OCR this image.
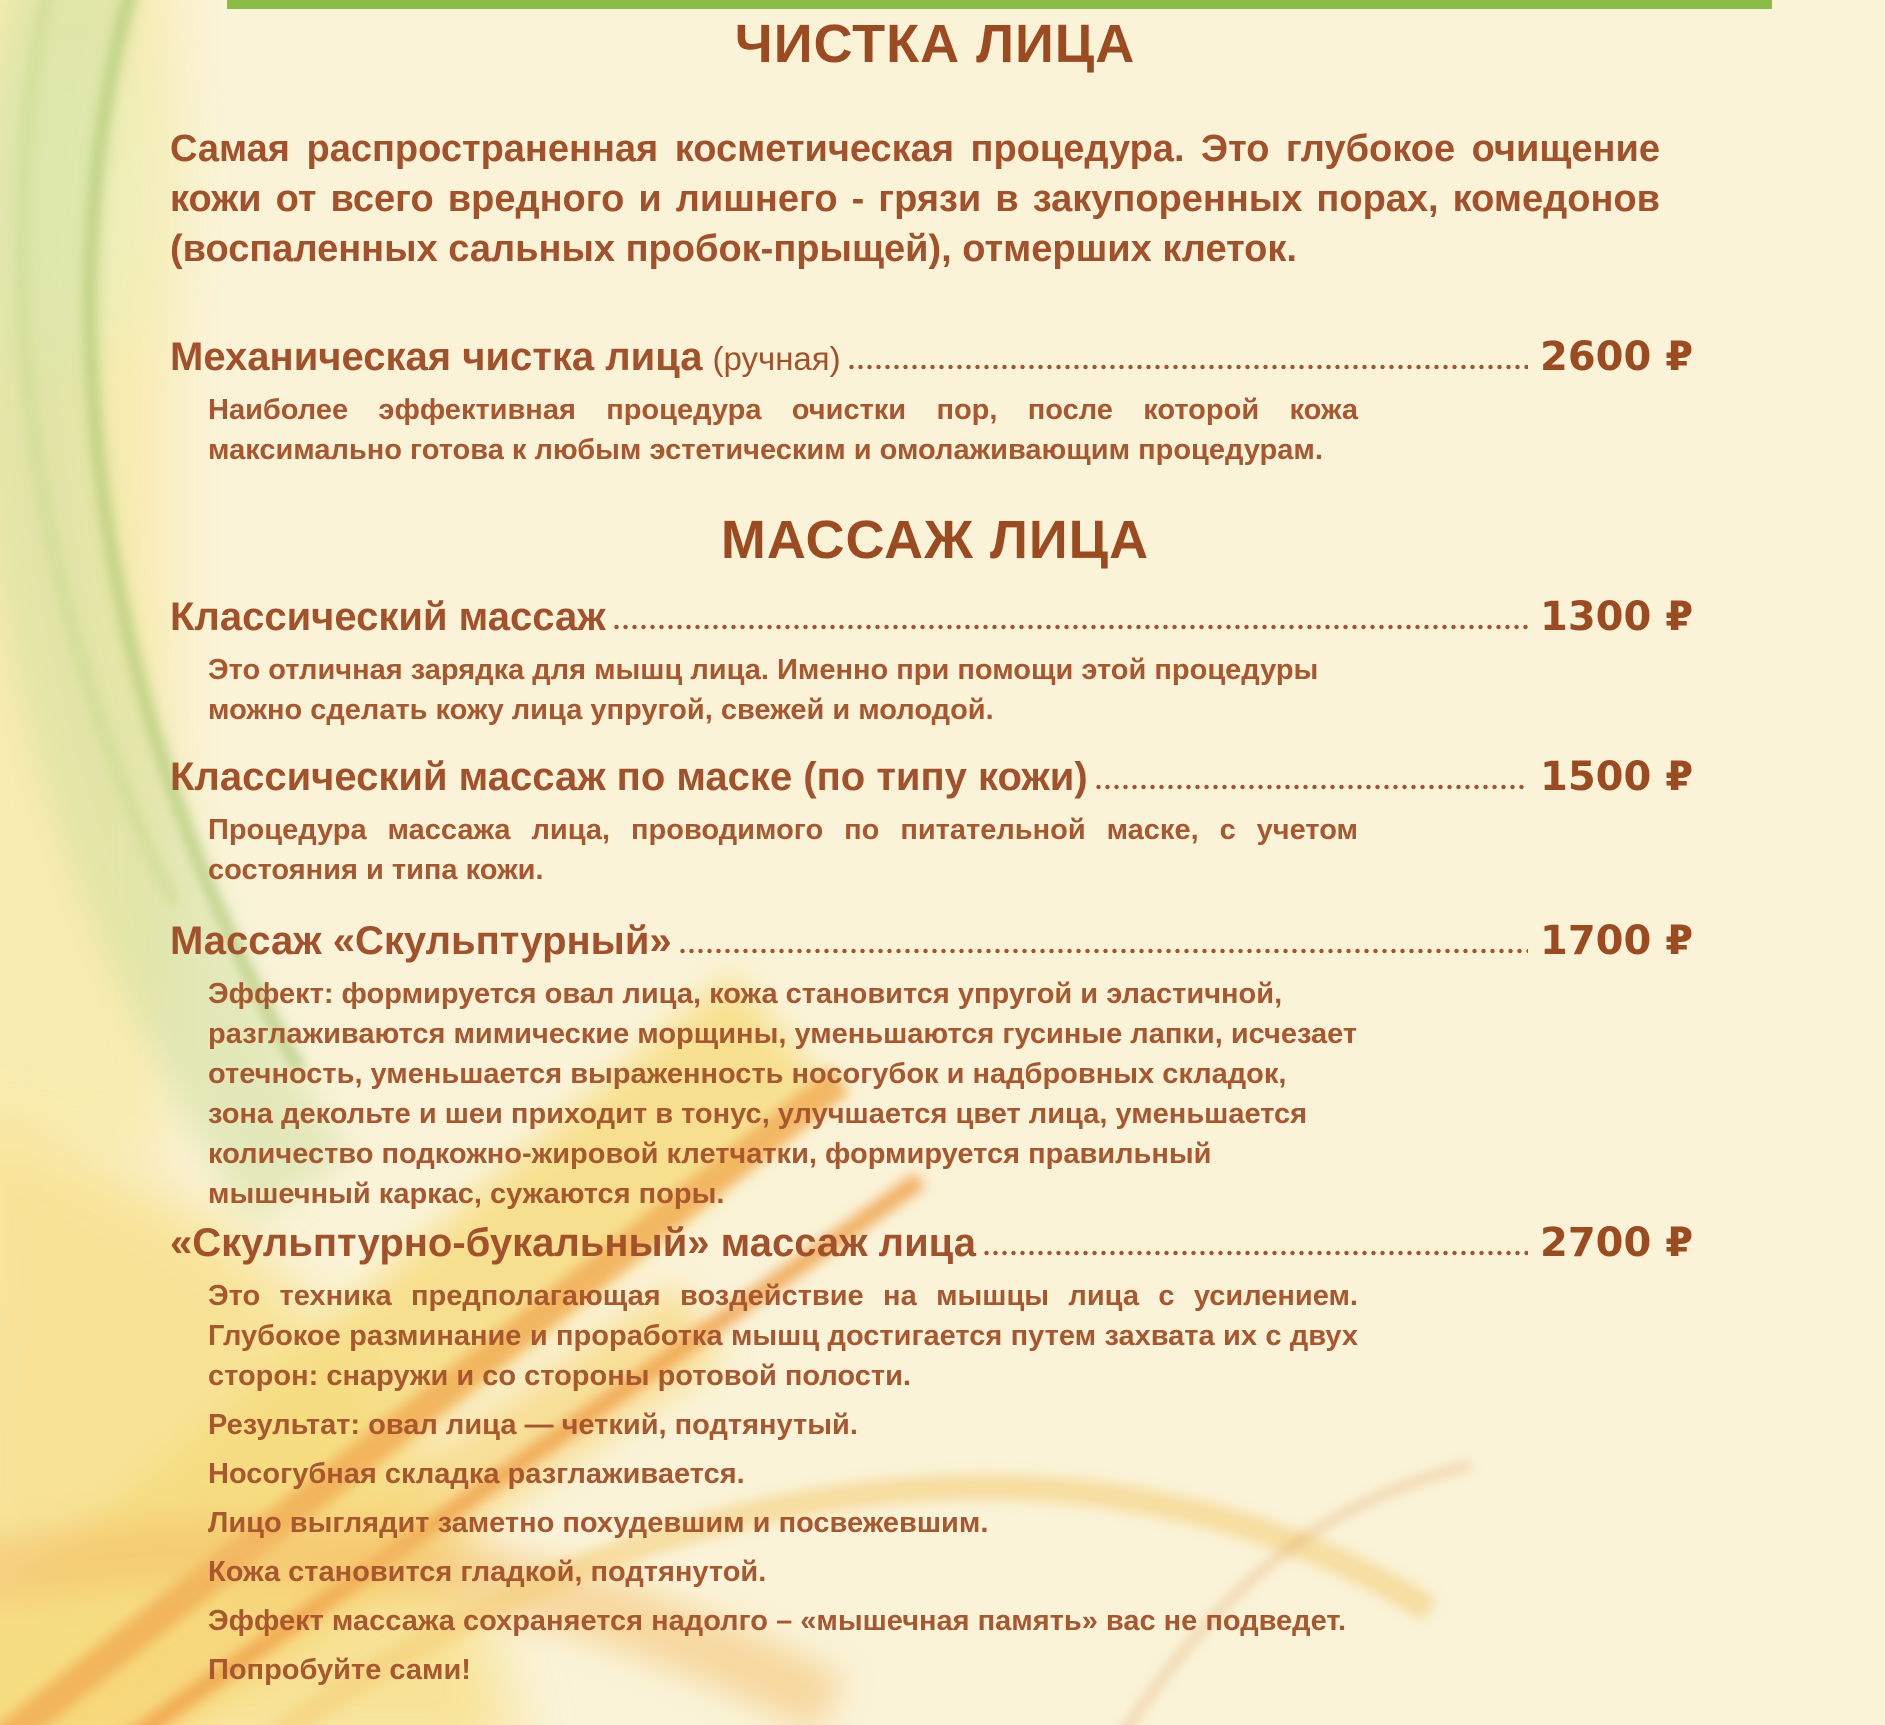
ЧИСТКА ЛИЦА

Самая распространенная косметическая процедура. Это глубокое очищение кожи от всего вредного и лишнего - грязи в закупоренных порах, комедонов (воспаленных сальных пробок-прыщей), отмерших клеток.

Механическая чистка лица (ручная)	2600 ₽

Наиболее эффективная процедура очистки пор, после которой кожа максимально готова к любым эстетическим и омолаживающим процедурам.

МАССАЖ ЛИЦА
Классический массаж	1300 ₽

Это отличная зарядка для мышц лица. Именно при помощи этой процедуры можно сделать кожу лица упругой, свежей и молодой.

Классический массаж по маске (по типу кожи)	1500 ₽

Процедура массажа лица, проводимого по питательной маске, с учетом состояния и типа кожи.

Массаж «Скульптурный»	1700 ₽

Эффект: формируется овал лица, кожа становится упругой и эластичной, разглаживаются мимические морщины, уменьшаются гусиные лапки, исчезает отечность, уменьшается выраженность носогубок и надбровных складок, зона декольте и шеи приходит в тонус, улучшается цвет лица, уменьшается количество подкожно-жировой клетчатки, формируется правильный мышечный каркас, сужаются поры.

«Скульптурно-букальный» массаж лица	2700 ₽

Это техника предполагающая воздействие на мышцы лица с усилением. Глубокое разминание и проработка мышц достигается путем захвата их с двух сторон: снаружи и со стороны ротовой полости.

Результат: овал лица — четкий, подтянутый.

Носогубная складка разглаживается.

Лицо выглядит заметно похудевшим и посвежевшим.

Кожа становится гладкой, подтянутой.

Эффект массажа сохраняется надолго – «мышечная память» вас не подведет.

Попробуйте сами!
